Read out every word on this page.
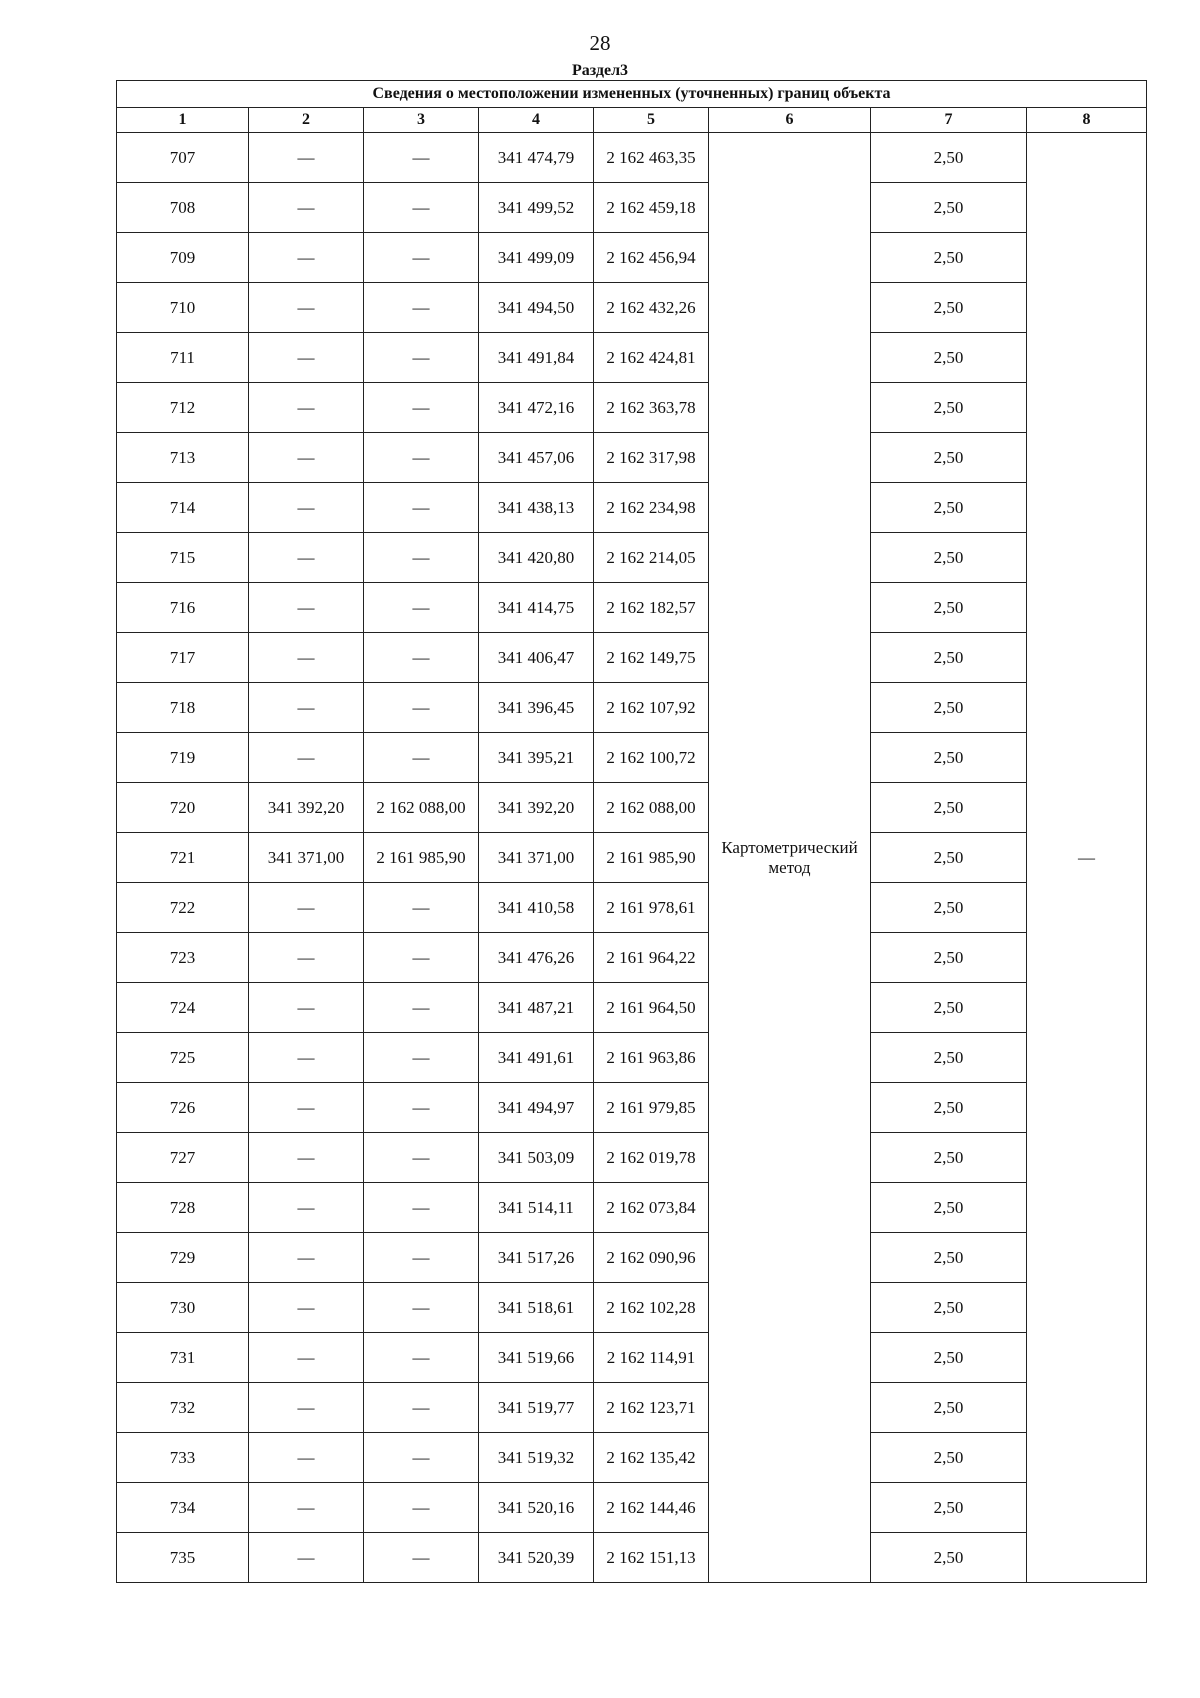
28
Раздел3
Сведения о местоположении измененных (уточненных) границ объекта							
1	2	3	4	5	6	7	8
707	—	—	341 474,79	2 162 463,35	Картометрический метод	2,50	—
708	—	—	341 499,52	2 162 459,18		2,50	
709	—	—	341 499,09	2 162 456,94		2,50	
710	—	—	341 494,50	2 162 432,26		2,50	
711	—	—	341 491,84	2 162 424,81		2,50	
712	—	—	341 472,16	2 162 363,78		2,50	
713	—	—	341 457,06	2 162 317,98		2,50	
714	—	—	341 438,13	2 162 234,98		2,50	
715	—	—	341 420,80	2 162 214,05		2,50	
716	—	—	341 414,75	2 162 182,57		2,50	
717	—	—	341 406,47	2 162 149,75		2,50	
718	—	—	341 396,45	2 162 107,92		2,50	
719	—	—	341 395,21	2 162 100,72		2,50	
720	341 392,20	2 162 088,00	341 392,20	2 162 088,00		2,50	
721	341 371,00	2 161 985,90	341 371,00	2 161 985,90		2,50	
722	—	—	341 410,58	2 161 978,61		2,50	
723	—	—	341 476,26	2 161 964,22		2,50	
724	—	—	341 487,21	2 161 964,50		2,50	
725	—	—	341 491,61	2 161 963,86		2,50	
726	—	—	341 494,97	2 161 979,85		2,50	
727	—	—	341 503,09	2 162 019,78		2,50	
728	—	—	341 514,11	2 162 073,84		2,50	
729	—	—	341 517,26	2 162 090,96		2,50	
730	—	—	341 518,61	2 162 102,28		2,50	
731	—	—	341 519,66	2 162 114,91		2,50	
732	—	—	341 519,77	2 162 123,71		2,50	
733	—	—	341 519,32	2 162 135,42		2,50	
734	—	—	341 520,16	2 162 144,46		2,50	
735	—	—	341 520,39	2 162 151,13		2,50	
